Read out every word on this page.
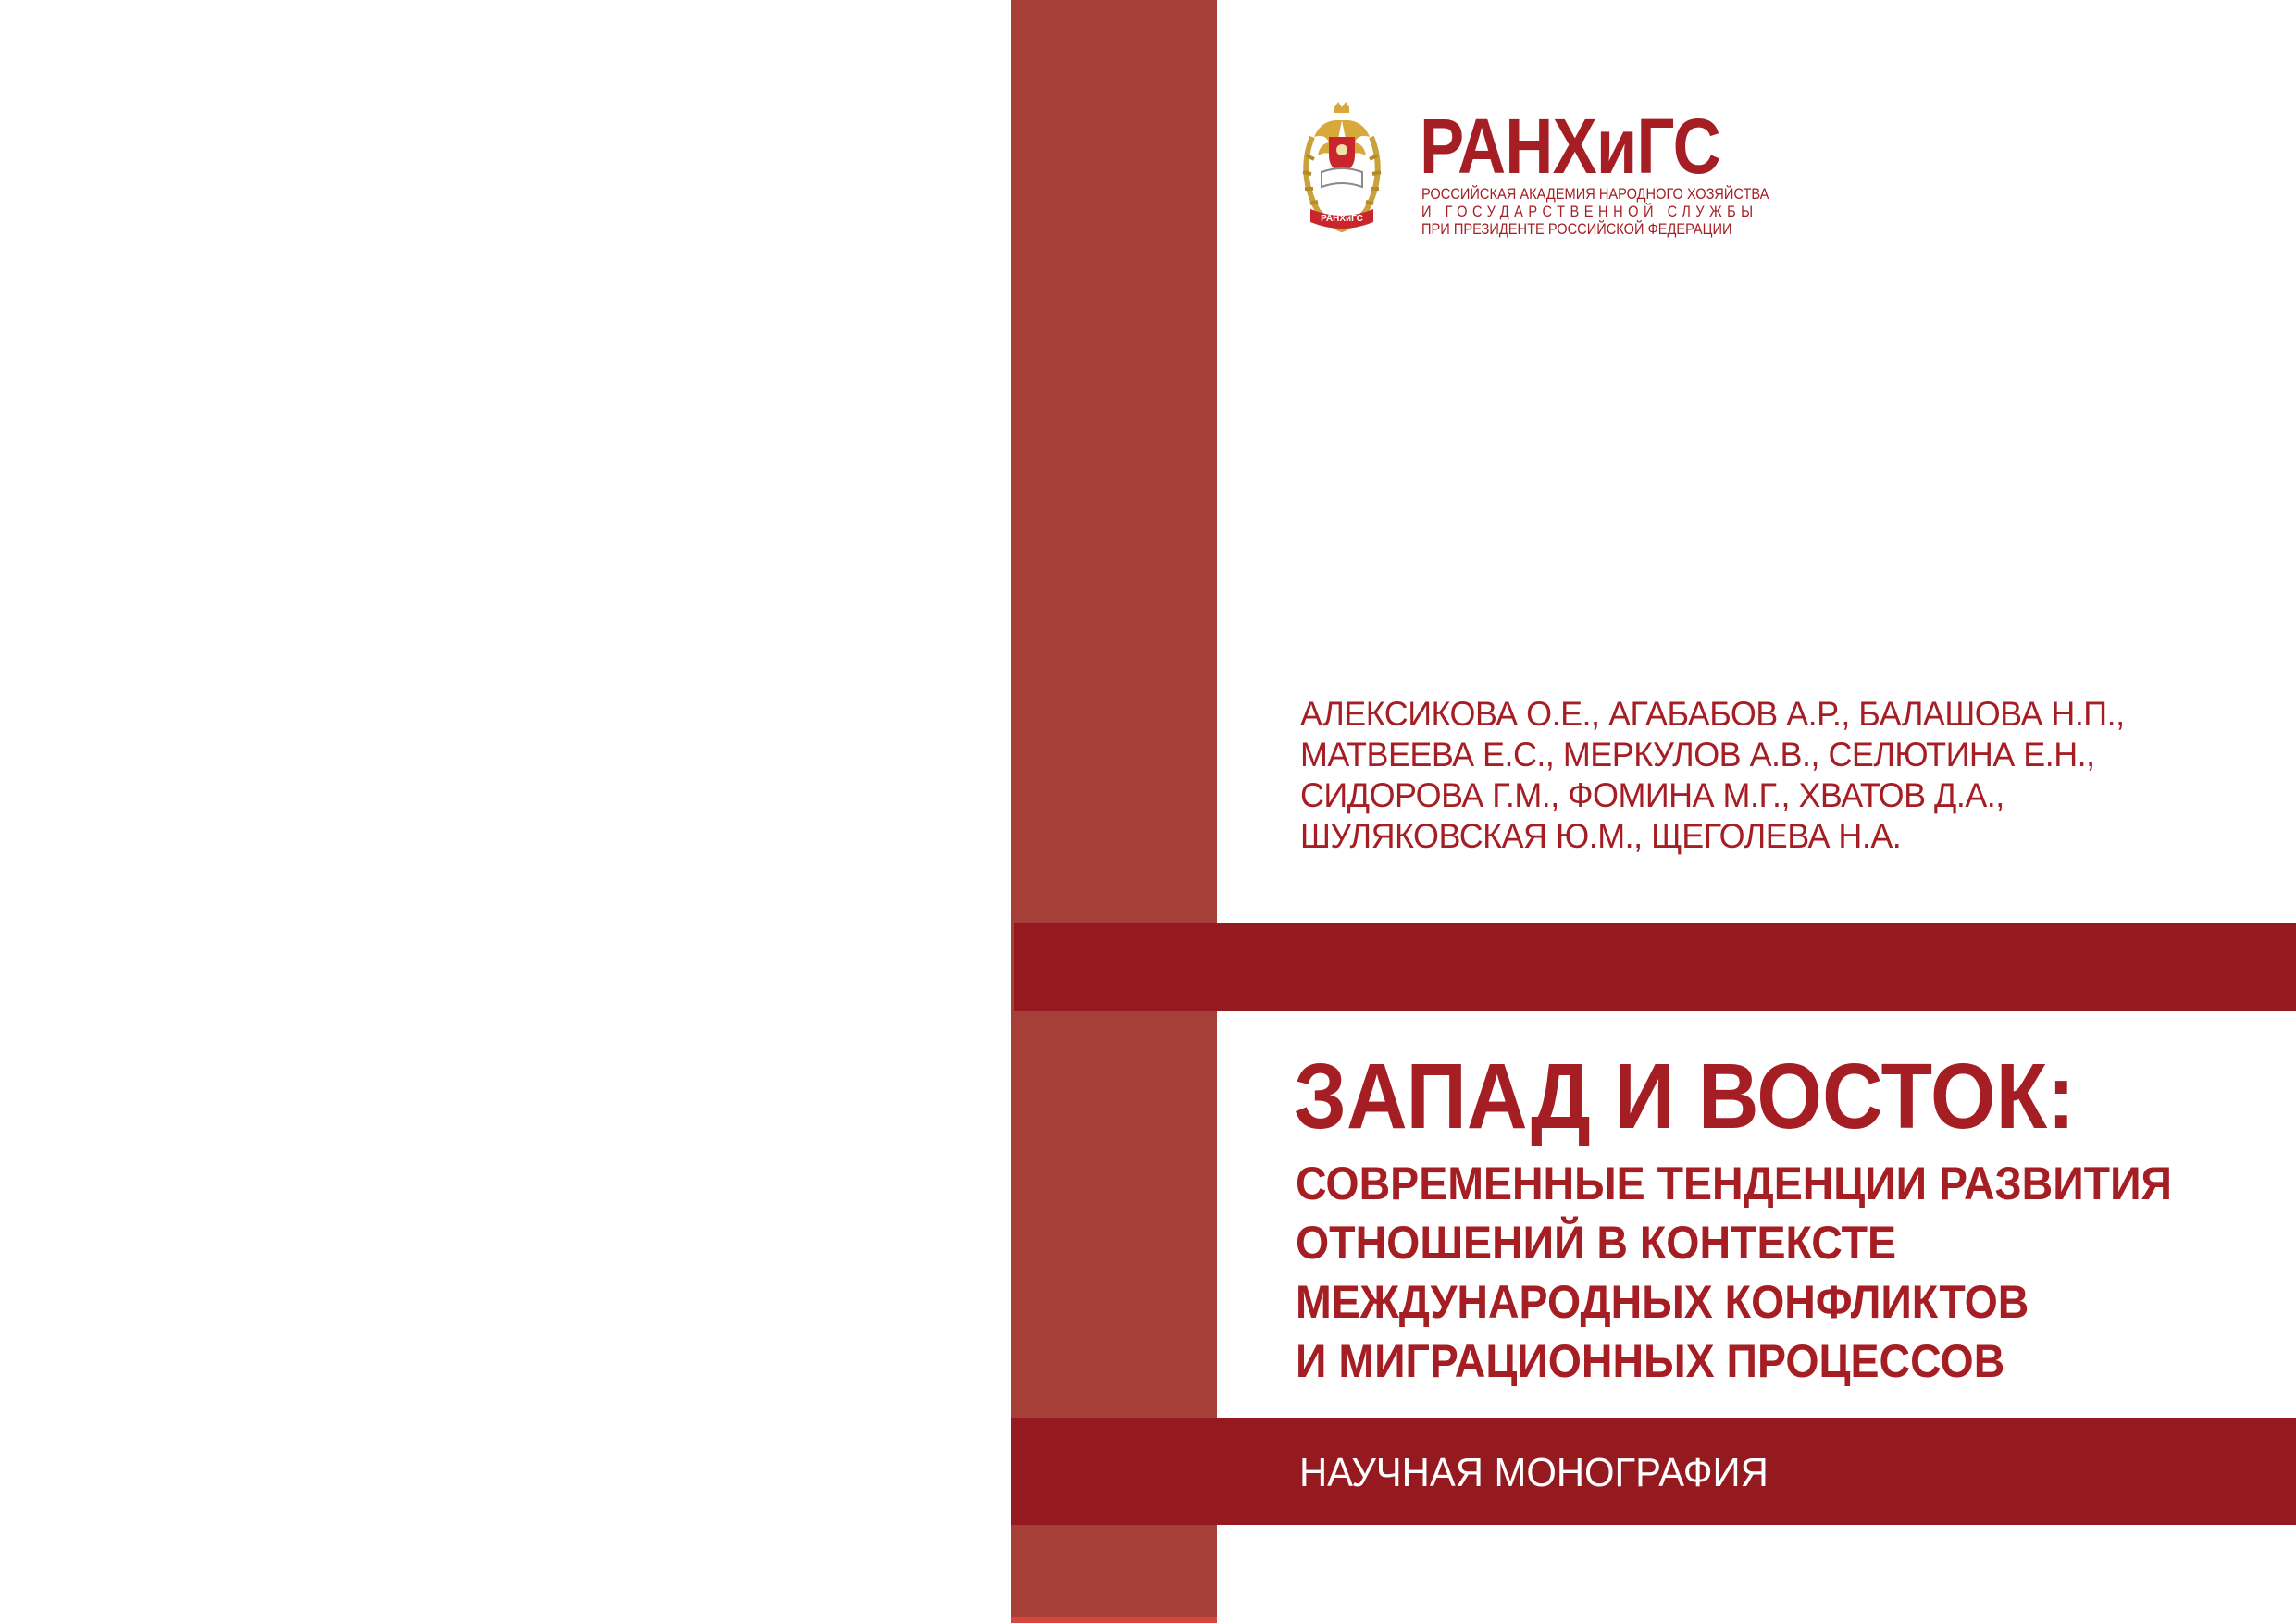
РАНХиГС
РАНХиГС
РОССИЙСКАЯ АКАДЕМИЯ НАРОДНОГО ХОЗЯЙСТВА
И ГОСУДАРСТВЕННОЙ СЛУЖБЫ
ПРИ ПРЕЗИДЕНТЕ РОССИЙСКОЙ ФЕДЕРАЦИИ
АЛЕКСИКОВА О.Е., АГАБАБОВ А.Р., БАЛАШОВА Н.П.,
МАТВЕЕВА Е.С., МЕРКУЛОВ А.В., СЕЛЮТИНА Е.Н.,
СИДОРОВА Г.М., ФОМИНА М.Г., ХВАТОВ Д.А.,
ШУЛЯКОВСКАЯ Ю.М., ЩЕГОЛЕВА Н.А.
ЗАПАД И ВОСТОК:
СОВРЕМЕННЫЕ ТЕНДЕНЦИИ РАЗВИТИЯ
ОТНОШЕНИЙ В КОНТЕКСТЕ
МЕЖДУНАРОДНЫХ КОНФЛИКТОВ
И МИГРАЦИОННЫХ ПРОЦЕССОВ
НАУЧНАЯ МОНОГРАФИЯ
